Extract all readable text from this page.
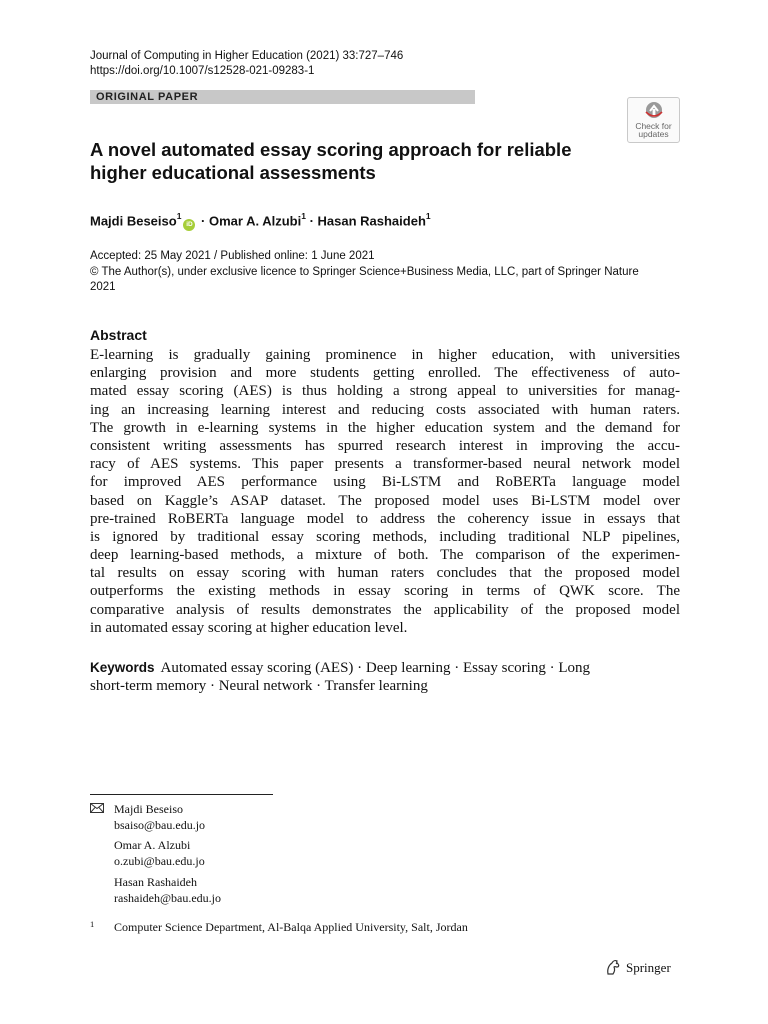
Journal of Computing in Higher Education (2021) 33:727–746
https://doi.org/10.1007/s12528-021-09283-1
ORIGINAL PAPER
Check for
updates
A novel automated essay scoring approach for reliable
higher educational assessments
Majdi Beseiso$^1$iD · Omar A. Alzubi$^1$ · Hasan Rashaideh$^1$
Accepted: 25 May 2021 / Published online: 1 June 2021
© The Author(s), under exclusive licence to Springer Science+Business Media, LLC, part of Springer Nature
2021
Abstract
E-learning is gradually gaining prominence in higher education, with universities
enlarging provision and more students getting enrolled. The effectiveness of auto-
mated essay scoring (AES) is thus holding a strong appeal to universities for manag-
ing an increasing learning interest and reducing costs associated with human raters.
The growth in e-learning systems in the higher education system and the demand for
consistent writing assessments has spurred research interest in improving the accu-
racy of AES systems. This paper presents a transformer-based neural network model
for improved AES performance using Bi-LSTM and RoBERTa language model
based on Kaggle’s ASAP dataset. The proposed model uses Bi-LSTM model over
pre-trained RoBERTa language model to address the coherency issue in essays that
is ignored by traditional essay scoring methods, including traditional NLP pipelines,
deep learning-based methods, a mixture of both. The comparison of the experimen-
tal results on essay scoring with human raters concludes that the proposed model
outperforms the existing methods in essay scoring in terms of QWK score. The
comparative analysis of results demonstrates the applicability of the proposed model
in automated essay scoring at higher education level.
Keywords Automated essay scoring (AES) · Deep learning · Essay scoring · Long
short-term memory · Neural network · Transfer learning
Majdi Beseiso
bsaiso@bau.edu.jo
Omar A. Alzubi
o.zubi@bau.edu.jo
Hasan Rashaideh
rashaideh@bau.edu.jo
1 Computer Science Department, Al-Balqa Applied University, Salt, Jordan
Springer
